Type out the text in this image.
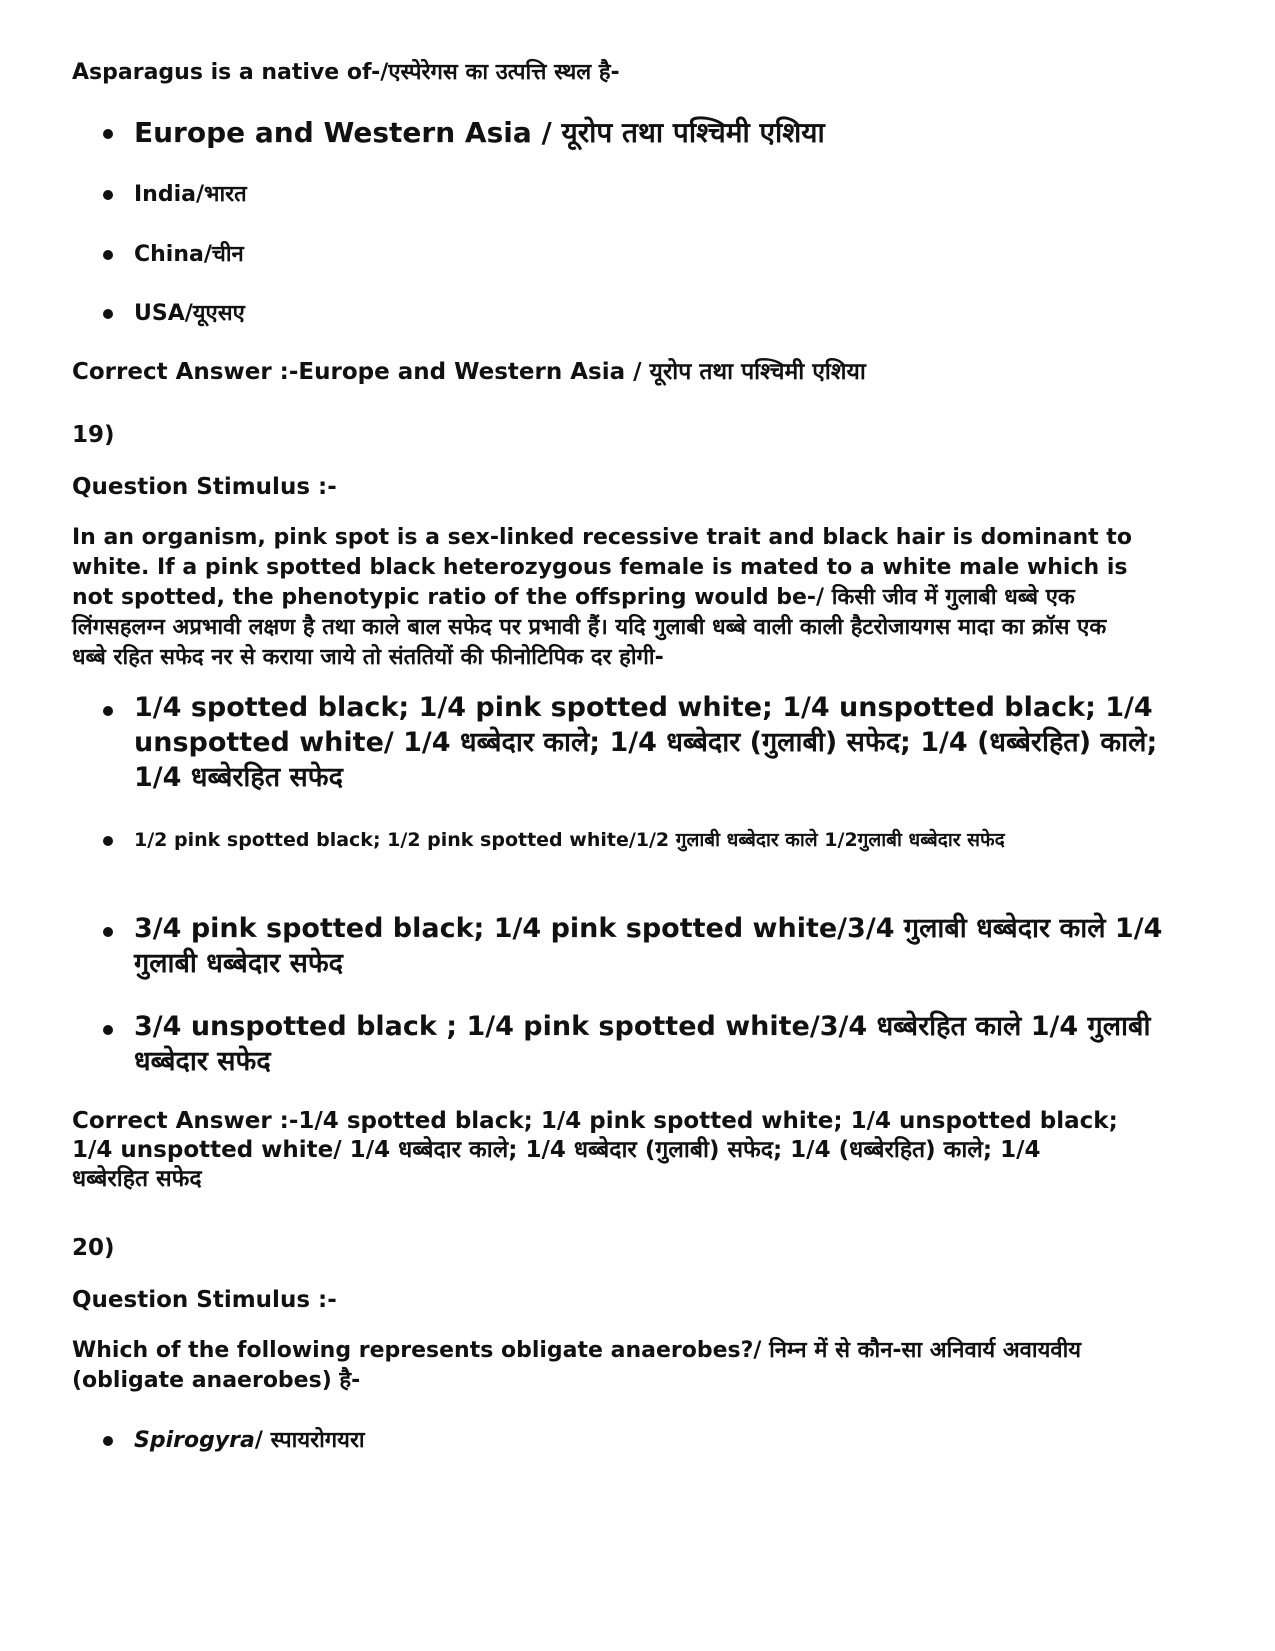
Asparagus is a native of-/एस्पेरेगस का उत्पत्ति स्थल है-

Europe and Western Asia / यूरोप तथा पश्चिमी एशिया
India/भारत
China/चीन
USA/यूएसए

Correct Answer :-Europe and Western Asia / यूरोप तथा पश्चिमी एशिया

19)

Question Stimulus :-

In an organism, pink spot is a sex-linked recessive trait and black hair is dominant to white. If a pink spotted black heterozygous female is mated to a white male which is not spotted, the phenotypic ratio of the offspring would be-/ किसी जीव में गुलाबी धब्बे एक लिंगसहलग्न अप्रभावी लक्षण है तथा काले बाल सफेद पर प्रभावी हैं। यदि गुलाबी धब्बे वाली काली हैटरोजायगस मादा का क्रॉस एक धब्बे रहित सफेद नर से कराया जाये तो संततियों की फीनोटिपिक दर होगी-

1/4 spotted black; 1/4 pink spotted white; 1/4 unspotted black; 1/4 unspotted white/ 1/4 धब्बेदार काले; 1/4 धब्बेदार (गुलाबी) सफेद; 1/4 (धब्बेरहित) काले; 1/4 धब्बेरहित सफेद
1/2 pink spotted black; 1/2 pink spotted white/1/2 गुलाबी धब्बेदार काले 1/2गुलाबी धब्बेदार सफेद
3/4 pink spotted black; 1/4 pink spotted white/3/4 गुलाबी धब्बेदार काले 1/4 गुलाबी धब्बेदार सफेद
3/4 unspotted black ; 1/4 pink spotted white/3/4 धब्बेरहित काले 1/4 गुलाबी धब्बेदार सफेद

Correct Answer :-1/4 spotted black; 1/4 pink spotted white; 1/4 unspotted black; 1/4 unspotted white/ 1/4 धब्बेदार काले; 1/4 धब्बेदार (गुलाबी) सफेद; 1/4 (धब्बेरहित) काले; 1/4 धब्बेरहित सफेद

20)

Question Stimulus :-

Which of the following represents obligate anaerobes?/ निम्न में से कौन-सा अनिवार्य अवायवीय (obligate anaerobes) है-

Spirogyra/ स्पायरोगयरा
